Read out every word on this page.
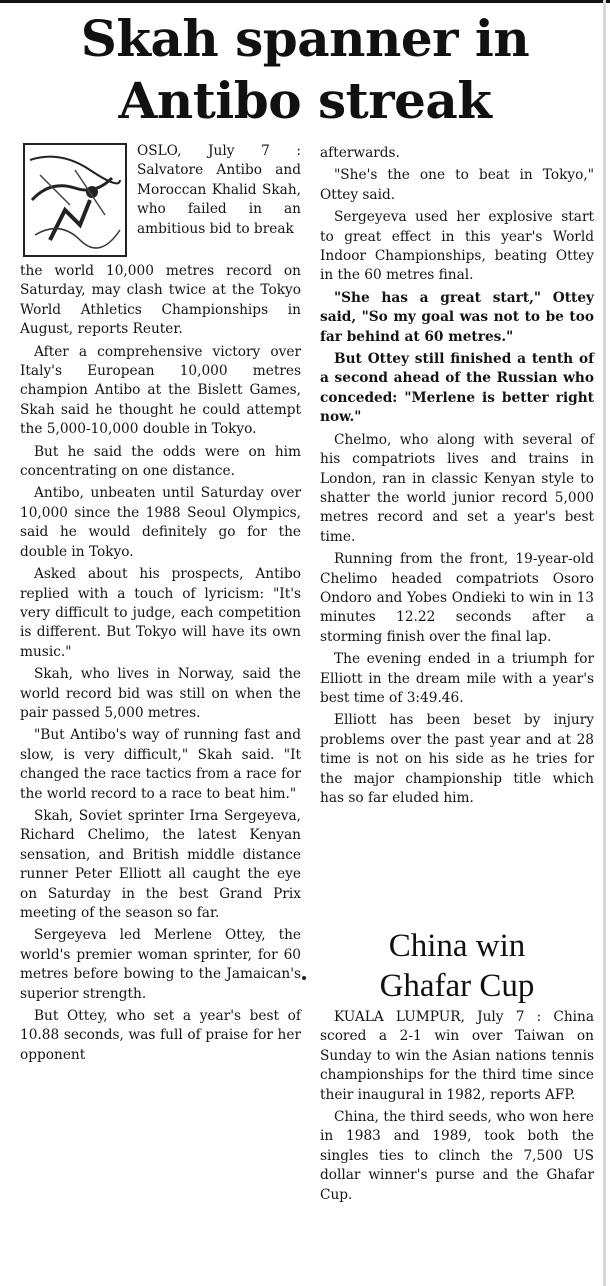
Skah spanner in
Antibo streak

OSLO, July 7 : Salvatore Antibo and Moroccan Khalid Skah, who failed in an ambitious bid to break

the world 10,000 metres record on Saturday, may clash twice at the Tokyo World Athletics Championships in August, reports Reuter.

After a comprehensive victory over Italy's European 10,000 metres champion Antibo at the Bislett Games, Skah said he thought he could attempt the 5,000-10,000 double in Tokyo.

But he said the odds were on him concentrating on one distance.

Antibo, unbeaten until Saturday over 10,000 since the 1988 Seoul Olympics, said he would definitely go for the double in Tokyo.

Asked about his prospects, Antibo replied with a touch of lyricism: "It's very difficult to judge, each competition is different. But Tokyo will have its own music."

Skah, who lives in Norway, said the world record bid was still on when the pair passed 5,000 metres.

"But Antibo's way of running fast and slow, is very difficult," Skah said. "It changed the race tactics from a race for the world record to a race to beat him."

Skah, Soviet sprinter Irna Sergeyeva, Richard Chelimo, the latest Kenyan sensation, and British middle distance runner Peter Elliott all caught the eye on Saturday in the best Grand Prix meeting of the season so far.

Sergeyeva led Merlene Ottey, the world's premier woman sprinter, for 60 metres before bowing to the Jamaican's superior strength.

But Ottey, who set a year's best of 10.88 seconds, was full of praise for her opponent

afterwards.

"She's the one to beat in Tokyo," Ottey said.

Sergeyeva used her explosive start to great effect in this year's World Indoor Championships, beating Ottey in the 60 metres final.

"She has a great start," Ottey said, "So my goal was not to be too far behind at 60 metres."

But Ottey still finished a tenth of a second ahead of the Russian who conceded: "Merlene is better right now."

Chelmo, who along with several of his compatriots lives and trains in London, ran in classic Kenyan style to shatter the world junior record 5,000 metres record and set a year's best time.

Running from the front, 19-year-old Chelimo headed compatriots Osoro Ondoro and Yobes Ondieki to win in 13 minutes 12.22 seconds after a storming finish over the final lap.

The evening ended in a triumph for Elliott in the dream mile with a year's best time of 3:49.46.

Elliott has been beset by injury problems over the past year and at 28 time is not on his side as he tries for the major championship title which has so far eluded him.

China win
Ghafar Cup

KUALA LUMPUR, July 7 : China scored a 2-1 win over Taiwan on Sunday to win the Asian nations tennis championships for the third time since their inaugural in 1982, reports AFP.

China, the third seeds, who won here in 1983 and 1989, took both the singles ties to clinch the 7,500 US dollar winner's purse and the Ghafar Cup.
